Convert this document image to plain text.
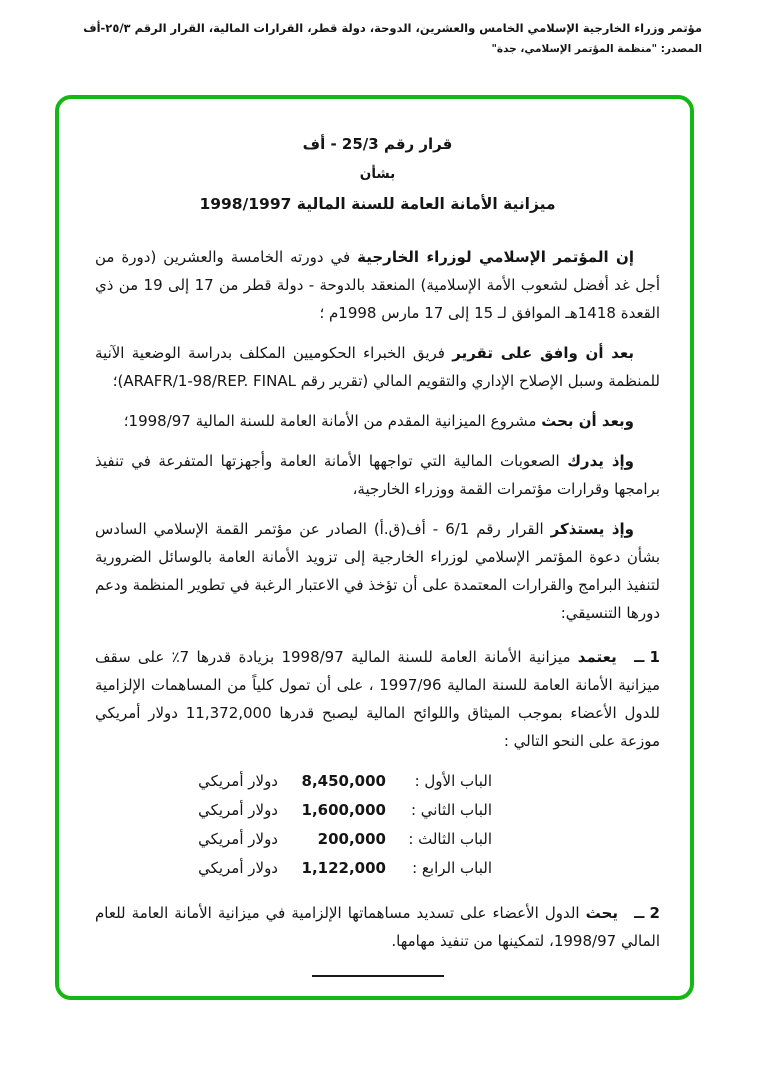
مؤتمر وزراء الخارجية الإسلامي الخامس والعشرين، الدوحة، دولة قطر، القرارات المالية، القرار الرقم ٢٥/٣-أف
المصدر: "منظمة المؤتمر الإسلامي، جدة"
قرار رقم 25/3 - أف
بشأن
ميزانية الأمانة العامة للسنة المالية 1998/1997

إن المؤتمر الإسلامي لوزراء الخارجية في دورته الخامسة والعشرين (دورة من أجل غد أفضل لشعوب الأمة الإسلامية) المنعقد بالدوحة - دولة قطر من 17 إلى 19 من ذي القعدة 1418هـ الموافق لـ 15 إلى 17 مارس 1998م ؛

بعد أن وافق على تقرير فريق الخبراء الحكوميين المكلف بدراسة الوضعية الآنية للمنظمة وسبل الإصلاح الإداري والتقويم المالي (تقرير رقم ARAFR/1-98/REP. FINAL)؛

وبعد أن بحث مشروع الميزانية المقدم من الأمانة العامة للسنة المالية 1998/97؛

وإذ يدرك الصعوبات المالية التي تواجهها الأمانة العامة وأجهزتها المتفرعة في تنفيذ برامجها وقرارات مؤتمرات القمة ووزراء الخارجية،

وإذ يستذكر القرار رقم 6/1 - أف(ق.أ) الصادر عن مؤتمر القمة الإسلامي السادس بشأن دعوة المؤتمر الإسلامي لوزراء الخارجية إلى تزويد الأمانة العامة بالوسائل الضرورية لتنفيذ البرامج والقرارات المعتمدة على أن تؤخذ في الاعتبار الرغبة في تطوير المنظمة ودعم دورها التنسيقي:

1 ــ يعتمد ميزانية الأمانة العامة للسنة المالية 1998/97 بزيادة قدرها 7٪ على سقف ميزانية الأمانة العامة للسنة المالية 1997/96 ، على أن تمول كلياً من المساهمات الإلزامية للدول الأعضاء بموجب الميثاق واللوائح المالية ليصبح قدرها 11,372,000 دولار أمريكي موزعة على النحو التالي :

الباب الأول :
8,450,000
دولار أمريكي
الباب الثاني :
1,600,000
دولار أمريكي
الباب الثالث :
200,000
دولار أمريكي
الباب الرابع :
1,122,000
دولار أمريكي

2 ــ يحث الدول الأعضاء على تسديد مساهماتها الإلزامية في ميزانية الأمانة العامة للعام المالي 1998/97، لتمكينها من تنفيذ مهامها.
